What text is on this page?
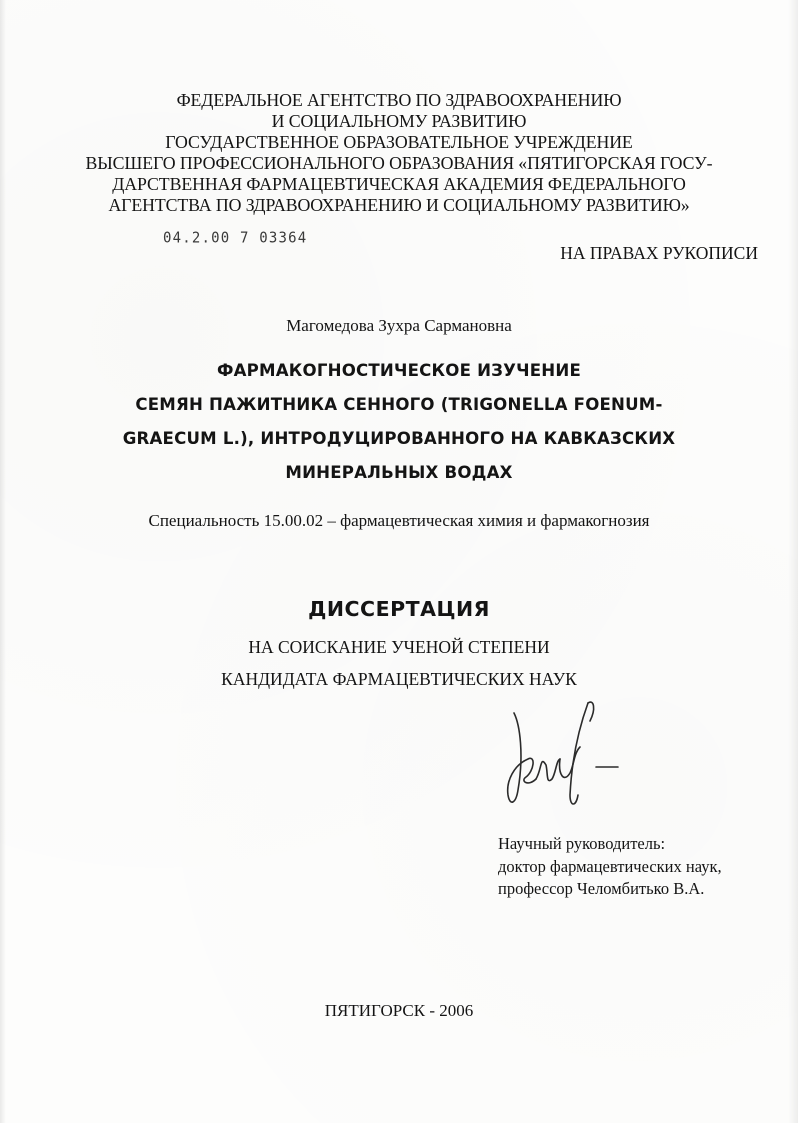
ФЕДЕРАЛЬНОЕ АГЕНТСТВО ПО ЗДРАВООХРАНЕНИЮ
И СОЦИАЛЬНОМУ РАЗВИТИЮ
ГОСУДАРСТВЕННОЕ ОБРАЗОВАТЕЛЬНОЕ УЧРЕЖДЕНИЕ
ВЫСШЕГО ПРОФЕССИОНАЛЬНОГО ОБРАЗОВАНИЯ «ПЯТИГОРСКАЯ ГОСУ-
ДАРСТВЕННАЯ ФАРМАЦЕВТИЧЕСКАЯ АКАДЕМИЯ ФЕДЕРАЛЬНОГО
АГЕНТСТВА ПО ЗДРАВООХРАНЕНИЮ И СОЦИАЛЬНОМУ РАЗВИТИЮ»
04.2.00 7 03364
НА ПРАВАХ РУКОПИСИ
Магомедова Зухра Сармановна
ФАРМАКОГНОСТИЧЕСКОЕ ИЗУЧЕНИЕ
СЕМЯН ПАЖИТНИКА СЕННОГО (TRIGONELLA FOENUM-
GRAECUM L.), ИНТРОДУЦИРОВАННОГО НА КАВКАЗСКИХ
МИНЕРАЛЬНЫХ ВОДАХ
Специальность 15.00.02 – фармацевтическая химия и фармакогнозия
ДИССЕРТАЦИЯ
НА СОИСКАНИЕ УЧЕНОЙ СТЕПЕНИ
КАНДИДАТА ФАРМАЦЕВТИЧЕСКИХ НАУК
Научный руководитель:
доктор фармацевтических наук,
профессор Челомбитько В.А.
ПЯТИГОРСК - 2006
